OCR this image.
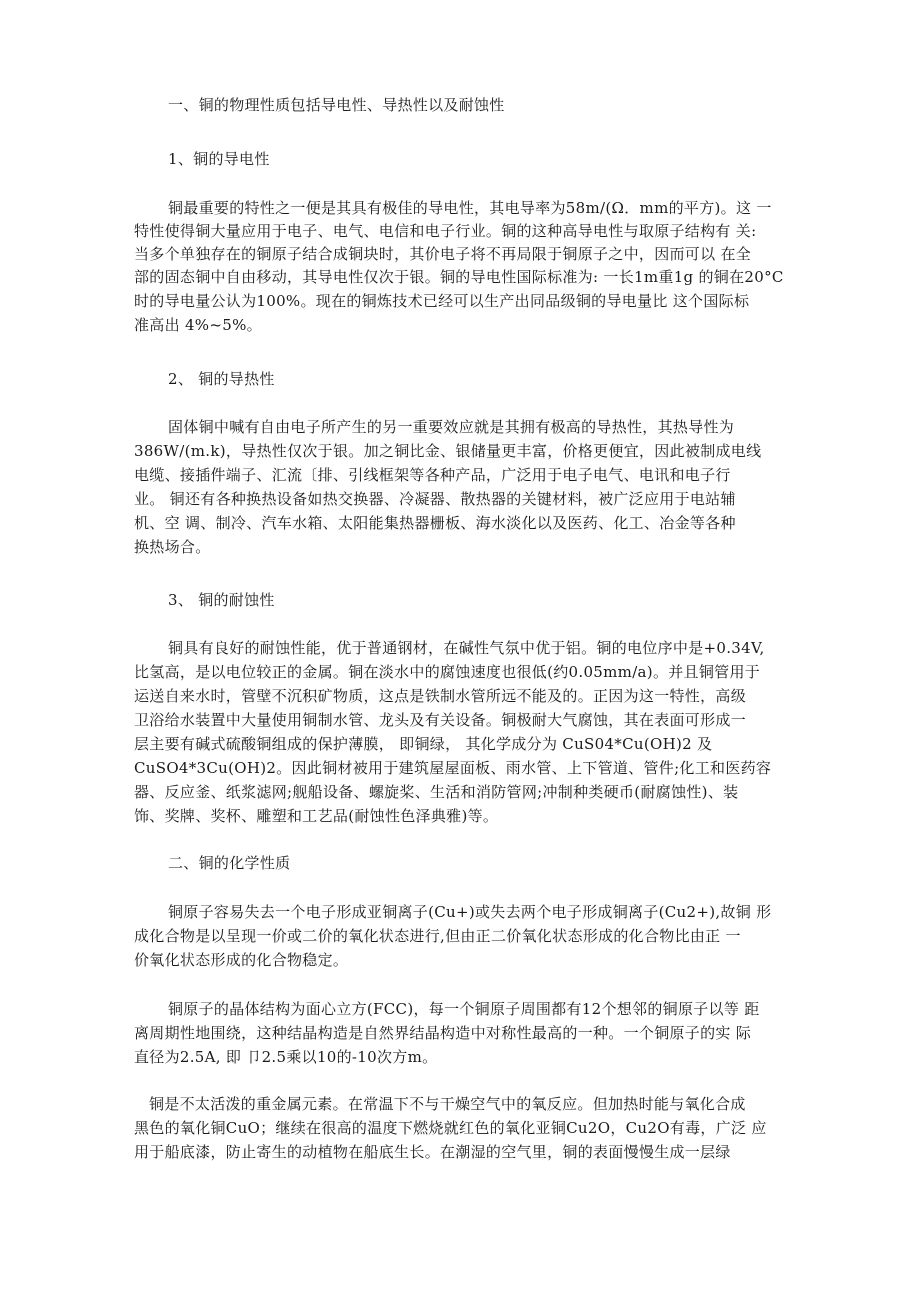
一、铜的物理性质包括导电性、导热性以及耐蚀性
1、铜的导电性
铜最重要的特性之一便是其具有极佳的导电性，其电导率为58m/(Ω．mm的平方)。这 一
特性使得铜大量应用于电子、电气、电信和电子行业。铜的这种高导电性与取原子结构有 关:
当多个单独存在的铜原子结合成铜块时，其价电子将不再局限于铜原子之中，因而可以 在全
部的固态铜中自由移动，其导电性仅次于银。铜的导电性国际标准为: 一长1m重1g 的铜在20°C
时的导电量公认为100%。现在的铜炼技术已经可以生产出同品级铜的导电量比 这个国际标
准高出 4%~5%。
2、 铜的导热性
固体铜中喊有自由电子所产生的另一重要效应就是其拥有极高的导热性，其热导性为
386W/(m.k)，导热性仅次于银。加之铜比金、银储量更丰富，价格更便宜，因此被制成电线
电缆、接插件端子、汇流〔排、引线框架等各种产品，广泛用于电子电气、电讯和电子行
业。 铜还有各种换热设备如热交换器、冷凝器、散热器的关键材料，被广泛应用于电站辅
机、空 调、制冷、汽车水箱、太阳能集热器栅板、海水淡化以及医药、化工、冶金等各种
换热场合。
3、 铜的耐蚀性
铜具有良好的耐蚀性能，优于普通钢材，在碱性气氛中优于铝。铜的电位序中是+0.34V,
比氢高，是以电位较正的金属。铜在淡水中的腐蚀速度也很低(约0.05mm/a)。并且铜管用于
运送自来水时，管壁不沉积矿物质，这点是铁制水管所远不能及的。正因为这一特性，高级
卫浴给水装置中大量使用铜制水管、龙头及有关设备。铜极耐大气腐蚀，其在表面可形成一
层主要有碱式硫酸铜组成的保护薄膜， 即铜绿， 其化学成分为 CuS04*Cu(OH)2 及
CuSO4*3Cu(OH)2。因此铜材被用于建筑屋屋面板、雨水管、上下管道、管件;化工和医药容
器、反应釜、纸浆滤网;舰船设备、螺旋桨、生活和消防管网;冲制种类硬币(耐腐蚀性)、装
饰、奖牌、奖杯、雕塑和工艺品(耐蚀性色泽典雅)等。
二、铜的化学性质
铜原子容易失去一个电子形成亚铜离子(Cu+)或失去两个电子形成铜离子(Cu2+),故铜 形
成化合物是以呈现一价或二价的氧化状态进行,但由正二价氧化状态形成的化合物比由正 一
价氧化状态形成的化合物稳定。
铜原子的晶体结构为面心立方(FCC)，每一个铜原子周围都有12个想邻的铜原子以等 距
离周期性地围绕，这种结晶构造是自然界结晶构造中对称性最高的一种。一个铜原子的实 际
直径为2.5A, 即 卩2.5乘以10的-10次方m。
铜是不太活泼的重金属元素。在常温下不与干燥空气中的氧反应。但加热时能与氧化合成
黑色的氧化铜CuO；继续在很高的温度下燃烧就红色的氧化亚铜Cu2O，Cu2O有毒，广泛 应
用于船底漆，防止寄生的动植物在船底生长。在潮湿的空气里，铜的表面慢慢生成一层绿
